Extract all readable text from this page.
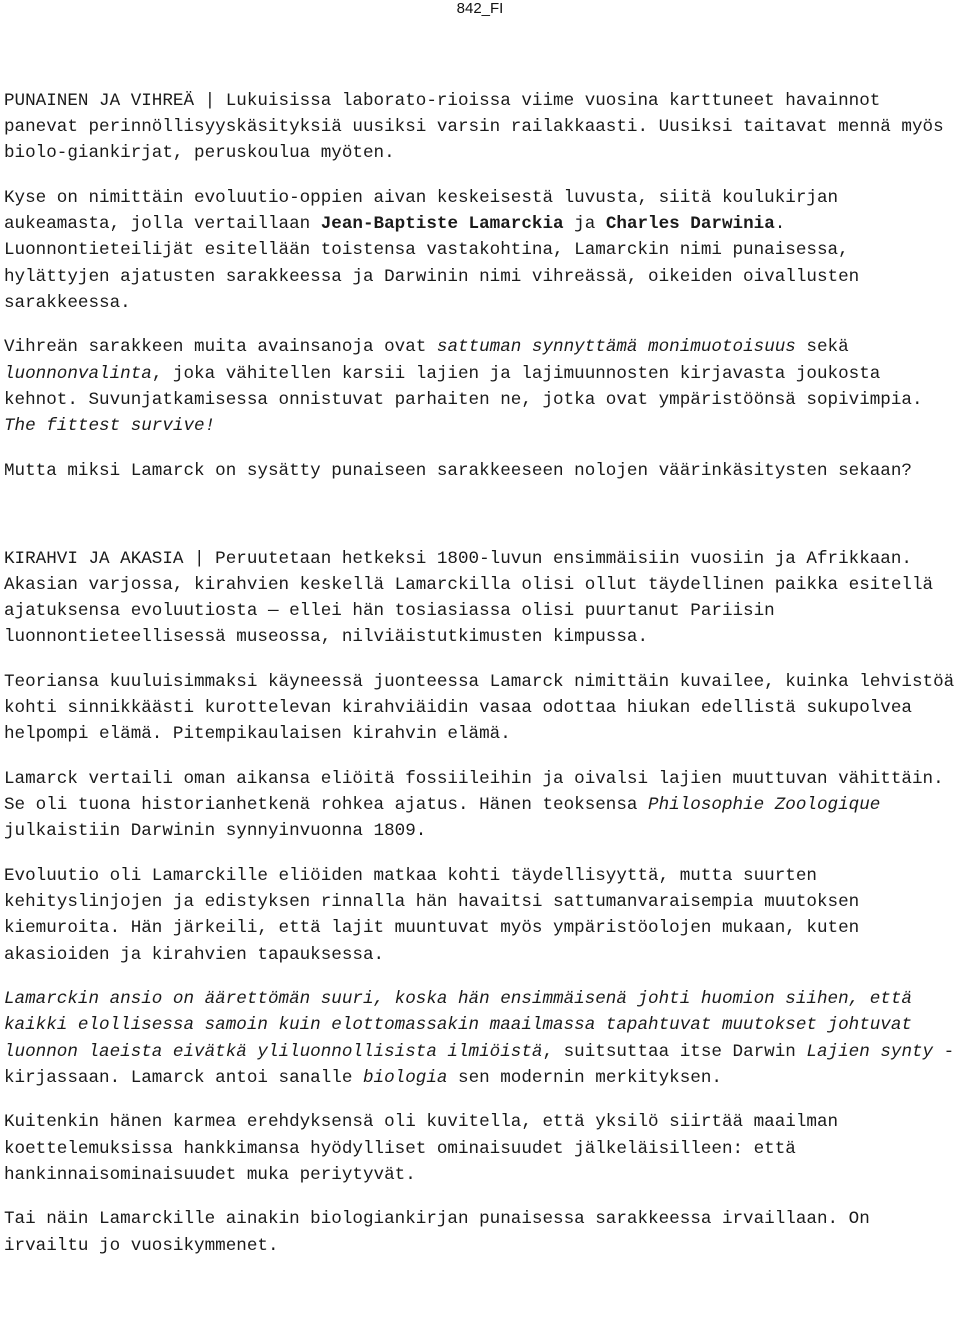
842_FI

PUNAINEN JA VIHREÄ | Lukuisissa laborato-rioissa viime vuosina karttuneet havainnot panevat perinnöllisyyskäsityksiä uusiksi varsin railakkaasti. Uusiksi taitavat mennä myös biolo-giankirjat, peruskoulua myöten.

Kyse on nimittäin evoluutio-oppien aivan keskeisestä luvusta, siitä koulukirjan aukeamasta, jolla vertaillaan Jean-Baptiste Lamarckia ja Charles Darwinia. Luonnontieteilijät esitellään toistensa vastakohtina, Lamarckin nimi punaisessa, hylättyjen ajatusten sarakkeessa ja Darwinin nimi vihreässä, oikeiden oivallusten sarakkeessa.

Vihreän sarakkeen muita avainsanoja ovat sattuman synnyttämä monimuotoisuus sekä luonnonvalinta, joka vähitellen karsii lajien ja lajimuunnosten kirjavasta joukosta kehnot. Suvunjatkamisessa onnistuvat parhaiten ne, jotka ovat ympäristöönsä sopivimpia. The fittest survive!

Mutta miksi Lamarck on sysätty punaiseen sarakkeeseen nolojen väärinkäsitysten sekaan?

KIRAHVI JA AKASIA | Peruutetaan hetkeksi 1800-luvun ensimmäisiin vuosiin ja Afrikkaan. Akasian varjossa, kirahvien keskellä Lamarckilla olisi ollut täydellinen paikka esitellä ajatuksensa evoluutiosta — ellei hän tosiasiassa olisi puurtanut Pariisin luonnontieteellisessä museossa, nilviäistutkimusten kimpussa.

Teoriansa kuuluisimmaksi käyneessä juonteessa Lamarck nimittäin kuvailee, kuinka lehvistöä kohti sinnikkäästi kurottelevan kirahviäidin vasaa odottaa hiukan edellistä sukupolvea helpompi elämä. Pitempikaulaisen kirahvin elämä.

Lamarck vertaili oman aikansa eliöitä fossiileihin ja oivalsi lajien muuttuvan vähittäin. Se oli tuona historianhetkenä rohkea ajatus. Hänen teoksensa Philosophie Zoologique julkaistiin Darwinin synnyinvuonna 1809.

Evoluutio oli Lamarckille eliöiden matkaa kohti täydellisyyttä, mutta suurten kehityslinjojen ja edistyksen rinnalla hän havaitsi sattumanvaraisempia muutoksen kiemuroita. Hän järkeili, että lajit muuntuvat myös ympäristöolojen mukaan, kuten akasioiden ja kirahvien tapauksessa.

Lamarckin ansio on äärettömän suuri, koska hän ensimmäisenä johti huomion siihen, että kaikki elollisessa samoin kuin elottomassakin maailmassa tapahtuvat muutokset johtuvat luonnon laeista eivätkä yliluonnollisista ilmiöistä, suitsuttaa itse Darwin Lajien synty -kirjassaan. Lamarck antoi sanalle biologia sen modernin merkityksen.

Kuitenkin hänen karmea erehdyksensä oli kuvitella, että yksilö siirtää maailman koettelemuksissa hankkimansa hyödylliset ominaisuudet jälkeläisilleen: että hankinnaisominaisuudet muka periytyvät.

Tai näin Lamarckille ainakin biologiankirjan punaisessa sarakkeessa irvaillaan. On irvailtu jo vuosikymmenet.
